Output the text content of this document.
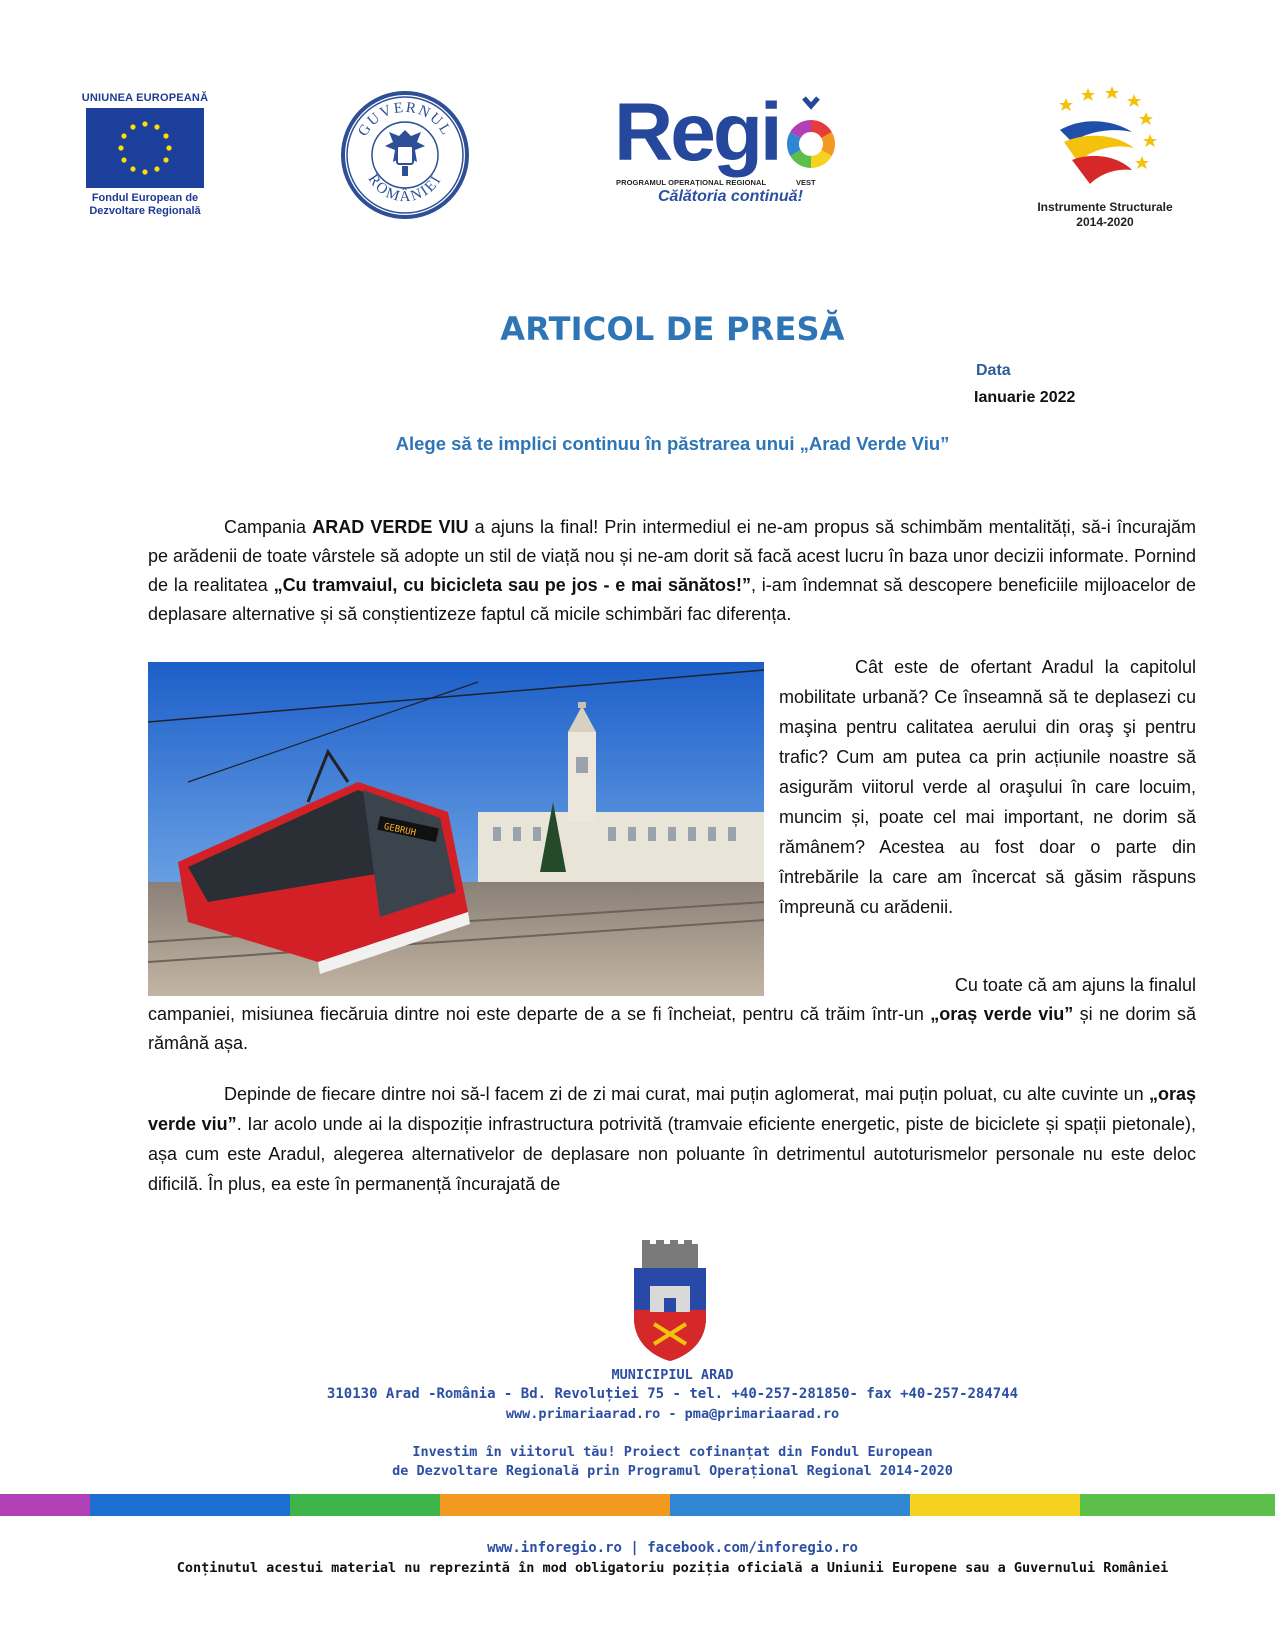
UNIUNEA EUROPEANĂ
Fondul European de
Dezvoltare Regională
GUVERNUL
ROMÂNIEI
Regi
PROGRAMUL OPERAȚIONAL REGIONAL	VEST
Călătoria continuă!
Instrumente Structurale
2014-2020
ARTICOL DE PRESĂ
Data
Ianuarie 2022
Alege să te implici continuu în păstrarea unui „Arad Verde Viu”

Campania ARAD VERDE VIU a ajuns la final! Prin intermediul ei ne-am propus să schimbăm mentalități, să-i încurajăm pe arădenii de toate vârstele să adopte un stil de viață nou și ne-am dorit să facă acest lucru în baza unor decizii informate. Pornind de la realitatea „Cu tramvaiul, cu bicicleta sau pe jos - e mai sănătos!”, i-am îndemnat să descopere beneficiile mijloacelor de deplasare alternative și să conștientizeze faptul că micile schimbări fac diferența.

GEBRUH

Cât este de ofertant Aradul la capitolul mobilitate urbană? Ce înseamnă să te deplasezi cu maşina pentru calitatea aerului din oraş şi pentru trafic? Cum am putea ca prin acțiunile noastre să asigurăm viitorul verde al oraşului în care locuim, muncim și, poate cel mai important, ne dorim să rămânem? Acestea au fost doar o parte din întrebările la care am încercat să găsim răspuns împreună cu arădenii.

Cu toate că am ajuns la finalul
campaniei, misiunea fiecăruia dintre noi este departe de a se fi încheiat, pentru că trăim într-un „oraș verde viu” și ne dorim să rămână așa.

Depinde de fiecare dintre noi să-l facem zi de zi mai curat, mai puțin aglomerat, mai puțin poluat, cu alte cuvinte un „oraș verde viu”. Iar acolo unde ai la dispoziție infrastructura potrivită (tramvaie eficiente energetic, piste de biciclete și spații pietonale), așa cum este Aradul, alegerea alternativelor de deplasare non poluante în detrimentul autoturismelor personale nu este deloc dificilă. În plus, ea este în permanență încurajată de

MUNICIPIUL ARAD
310130 Arad -România - Bd. Revoluției 75 - tel. +40-257-281850- fax +40-257-284744
www.primariaarad.ro - pma@primariaarad.ro
Investim în viitorul tău! Proiect cofinanțat din Fondul European
de Dezvoltare Regională prin Programul Operațional Regional 2014-2020
www.inforegio.ro | facebook.com/inforegio.ro
Conținutul acestui material nu reprezintă în mod obligatoriu poziția oficială a Uniunii Europene sau a Guvernului României
